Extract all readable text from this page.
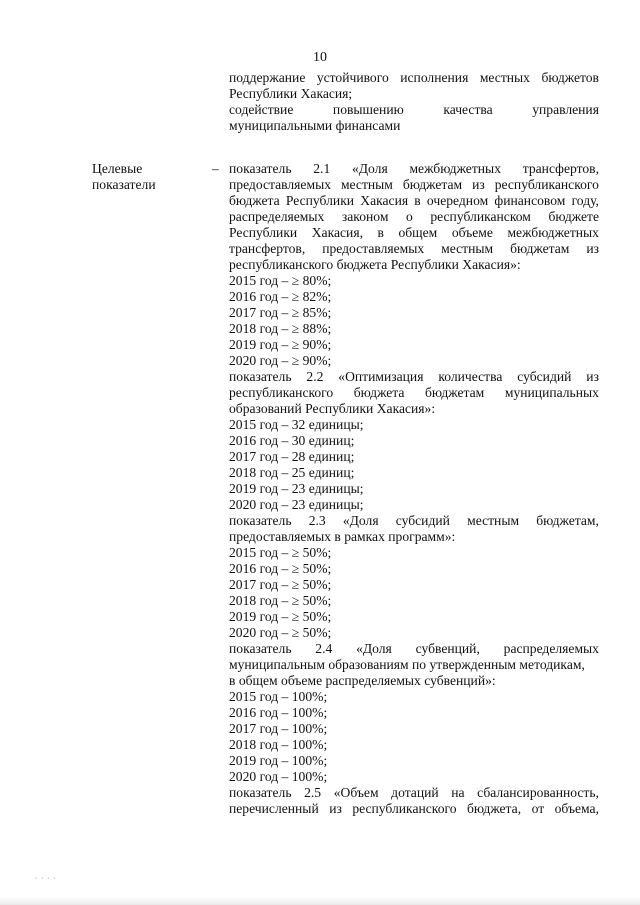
10
поддержание устойчивого исполнения местных бюджетов
Республики Хакасия;
содействие	повышению	качества	управления
муниципальными финансами
Целевые
показатели
– показатель 2.1 «Доля межбюджетных трансфертов,
предоставляемых местным бюджетам из республиканского
бюджета Республики Хакасия в очередном финансовом году,
распределяемых законом о республиканском бюджете
Республики Хакасия, в общем объеме межбюджетных
трансфертов, предоставляемых местным бюджетам из
республиканского бюджета Республики Хакасия»:
2015 год – ≥ 80%;
2016 год – ≥ 82%;
2017 год – ≥ 85%;
2018 год – ≥ 88%;
2019 год – ≥ 90%;
2020 год – ≥ 90%;
показатель 2.2 «Оптимизация количества субсидий из
республиканского бюджета бюджетам муниципальных
образований Республики Хакасия»:
2015 год – 32 единицы;
2016 год – 30 единиц;
2017 год – 28 единиц;
2018 год – 25 единиц;
2019 год – 23 единицы;
2020 год – 23 единицы;
показатель 2.3 «Доля субсидий местным бюджетам,
предоставляемых в рамках программ»:
2015 год – ≥ 50%;
2016 год – ≥ 50%;
2017 год – ≥ 50%;
2018 год – ≥ 50%;
2019 год – ≥ 50%;
2020 год – ≥ 50%;
показатель 2.4 «Доля субвенций, распределяемых
муниципальным образованиям по утвержденным методикам,
в общем объеме распределяемых субвенций»:
2015 год – 100%;
2016 год – 100%;
2017 год – 100%;
2018 год – 100%;
2019 год – 100%;
2020 год – 100%;
показатель 2.5 «Объем дотаций на сбалансированность,
перечисленный из республиканского бюджета, от объема,
⸱ ⸱ ⸱ ⸱
